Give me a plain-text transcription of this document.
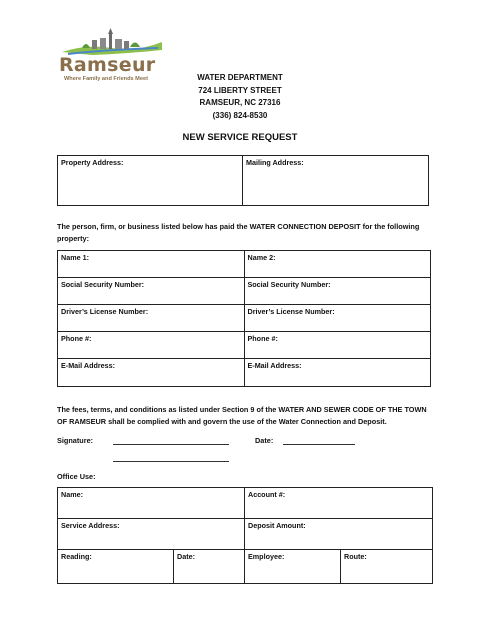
Ramseur
Where Family and Friends Meet	WATER DEPARTMENT
724 LIBERTY STREET
RAMSEUR, NC 27316
(336) 824-8530
NEW SERVICE REQUEST
Property Address:	Mailing Address:
The person, firm, or business listed below has paid the WATER CONNECTION DEPOSIT for the following property:
Name 1:	Name 2:
Social Security Number:	Social Security Number:
Driver’s License Number:	Driver’s License Number:
Phone #:	Phone #:
E-Mail Address:	E-Mail Address:
The fees, terms, and conditions as listed under Section 9 of the WATER AND SEWER CODE OF THE TOWN OF RAMSEUR shall be complied with and govern the use of the Water Connection and Deposit.
Signature:	Date:
Office Use:
Name:		Account #:	
Service Address:		Deposit Amount:	
Reading:	Date:	Employee:	Route:
